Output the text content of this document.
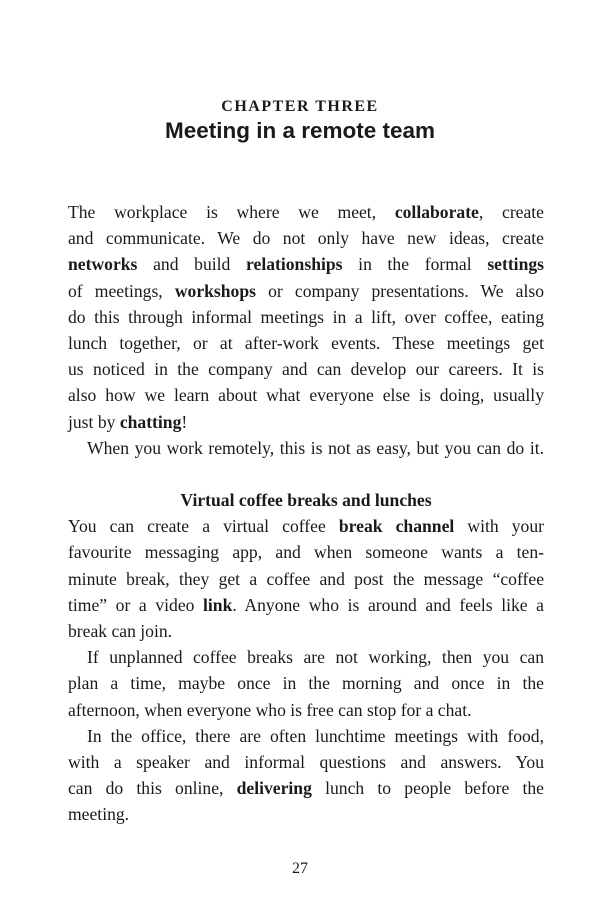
CHAPTER THREE
Meeting in a remote team
The workplace is where we meet, collaborate, create
and communicate. We do not only have new ideas, create
networks and build relationships in the formal settings
of meetings, workshops or company presentations. We also
do this through informal meetings in a lift, over coffee, eating
lunch together, or at after-work events. These meetings get
us noticed in the company and can develop our careers. It is
also how we learn about what everyone else is doing, usually
just by chatting!
When you work remotely, this is not as easy, but you can do it.
Virtual coffee breaks and lunches
You can create a virtual coffee break channel with your
favourite messaging app, and when someone wants a ten-
minute break, they get a coffee and post the message “coffee
time” or a video link. Anyone who is around and feels like a
break can join.
If unplanned coffee breaks are not working, then you can
plan a time, maybe once in the morning and once in the
afternoon, when everyone who is free can stop for a chat.
In the office, there are often lunchtime meetings with food,
with a speaker and informal questions and answers. You
can do this online, delivering lunch to people before the
meeting.
27
